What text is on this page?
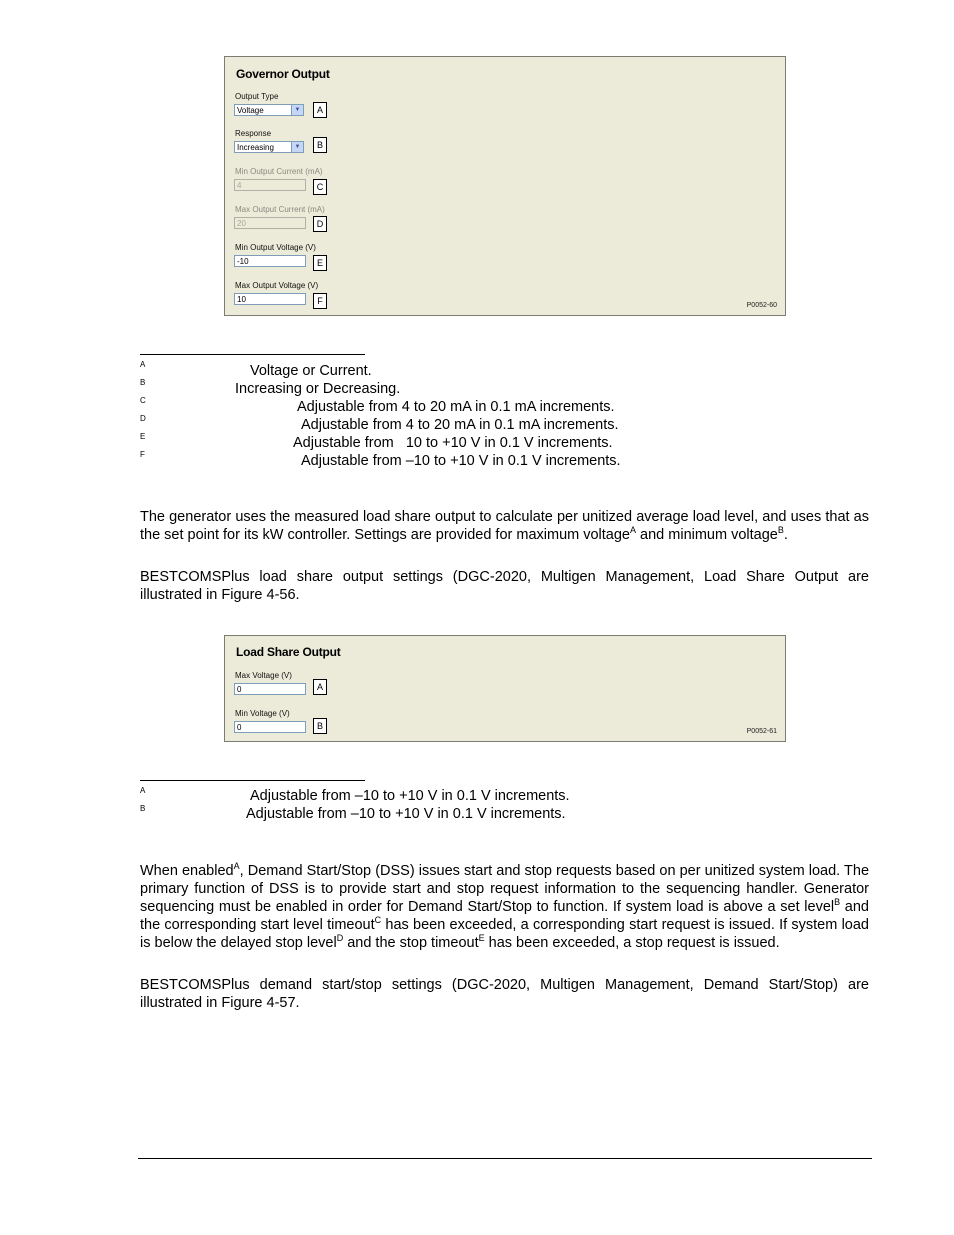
Governor Output
Output Type
Voltage	▼	A
Response
Increasing	▼	B
Min Output Current (mA)
4	C
Max Output Current (mA)
20	D
Min Output Voltage (V)
-10	E
Max Output Voltage (V)
10	F	P0052-60
A	Voltage or Current.
B	Increasing or Decreasing.
C	Adjustable from 4 to 20 mA in 0.1 mA increments.
D	Adjustable from 4 to 20 mA in 0.1 mA increments.
E	Adjustable from   10 to +10 V in 0.1 V increments.
F	Adjustable from –10 to +10 V in 0.1 V increments.

The generator uses the measured load share output to calculate per unitized average load level, and uses that as the set point for its kW controller. Settings are provided for maximum voltage$^A$ and minimum voltage$^B$.

BESTCOMSPlus load share output settings (DGC-2020, Multigen Management, Load Share Output are illustrated in Figure 4-56.

Load Share Output
Max Voltage (V)
0	A
Min Voltage (V)
0	B
P0052-61
A	Adjustable from –10 to +10 V in 0.1 V increments.
B	Adjustable from –10 to +10 V in 0.1 V increments.

When enabled$^A$, Demand Start/Stop (DSS) issues start and stop requests based on per unitized system load. The primary function of DSS is to provide start and stop request information to the sequencing handler. Generator sequencing must be enabled in order for Demand Start/Stop to function. If system load is above a set level$^B$ and the corresponding start level timeout$^C$ has been exceeded, a corresponding start request is issued. If system load is below the delayed stop level$^D$ and the stop timeout$^E$ has been exceeded, a stop request is issued.

BESTCOMSPlus demand start/stop settings (DGC-2020, Multigen Management, Demand Start/Stop) are illustrated in Figure 4-57.
